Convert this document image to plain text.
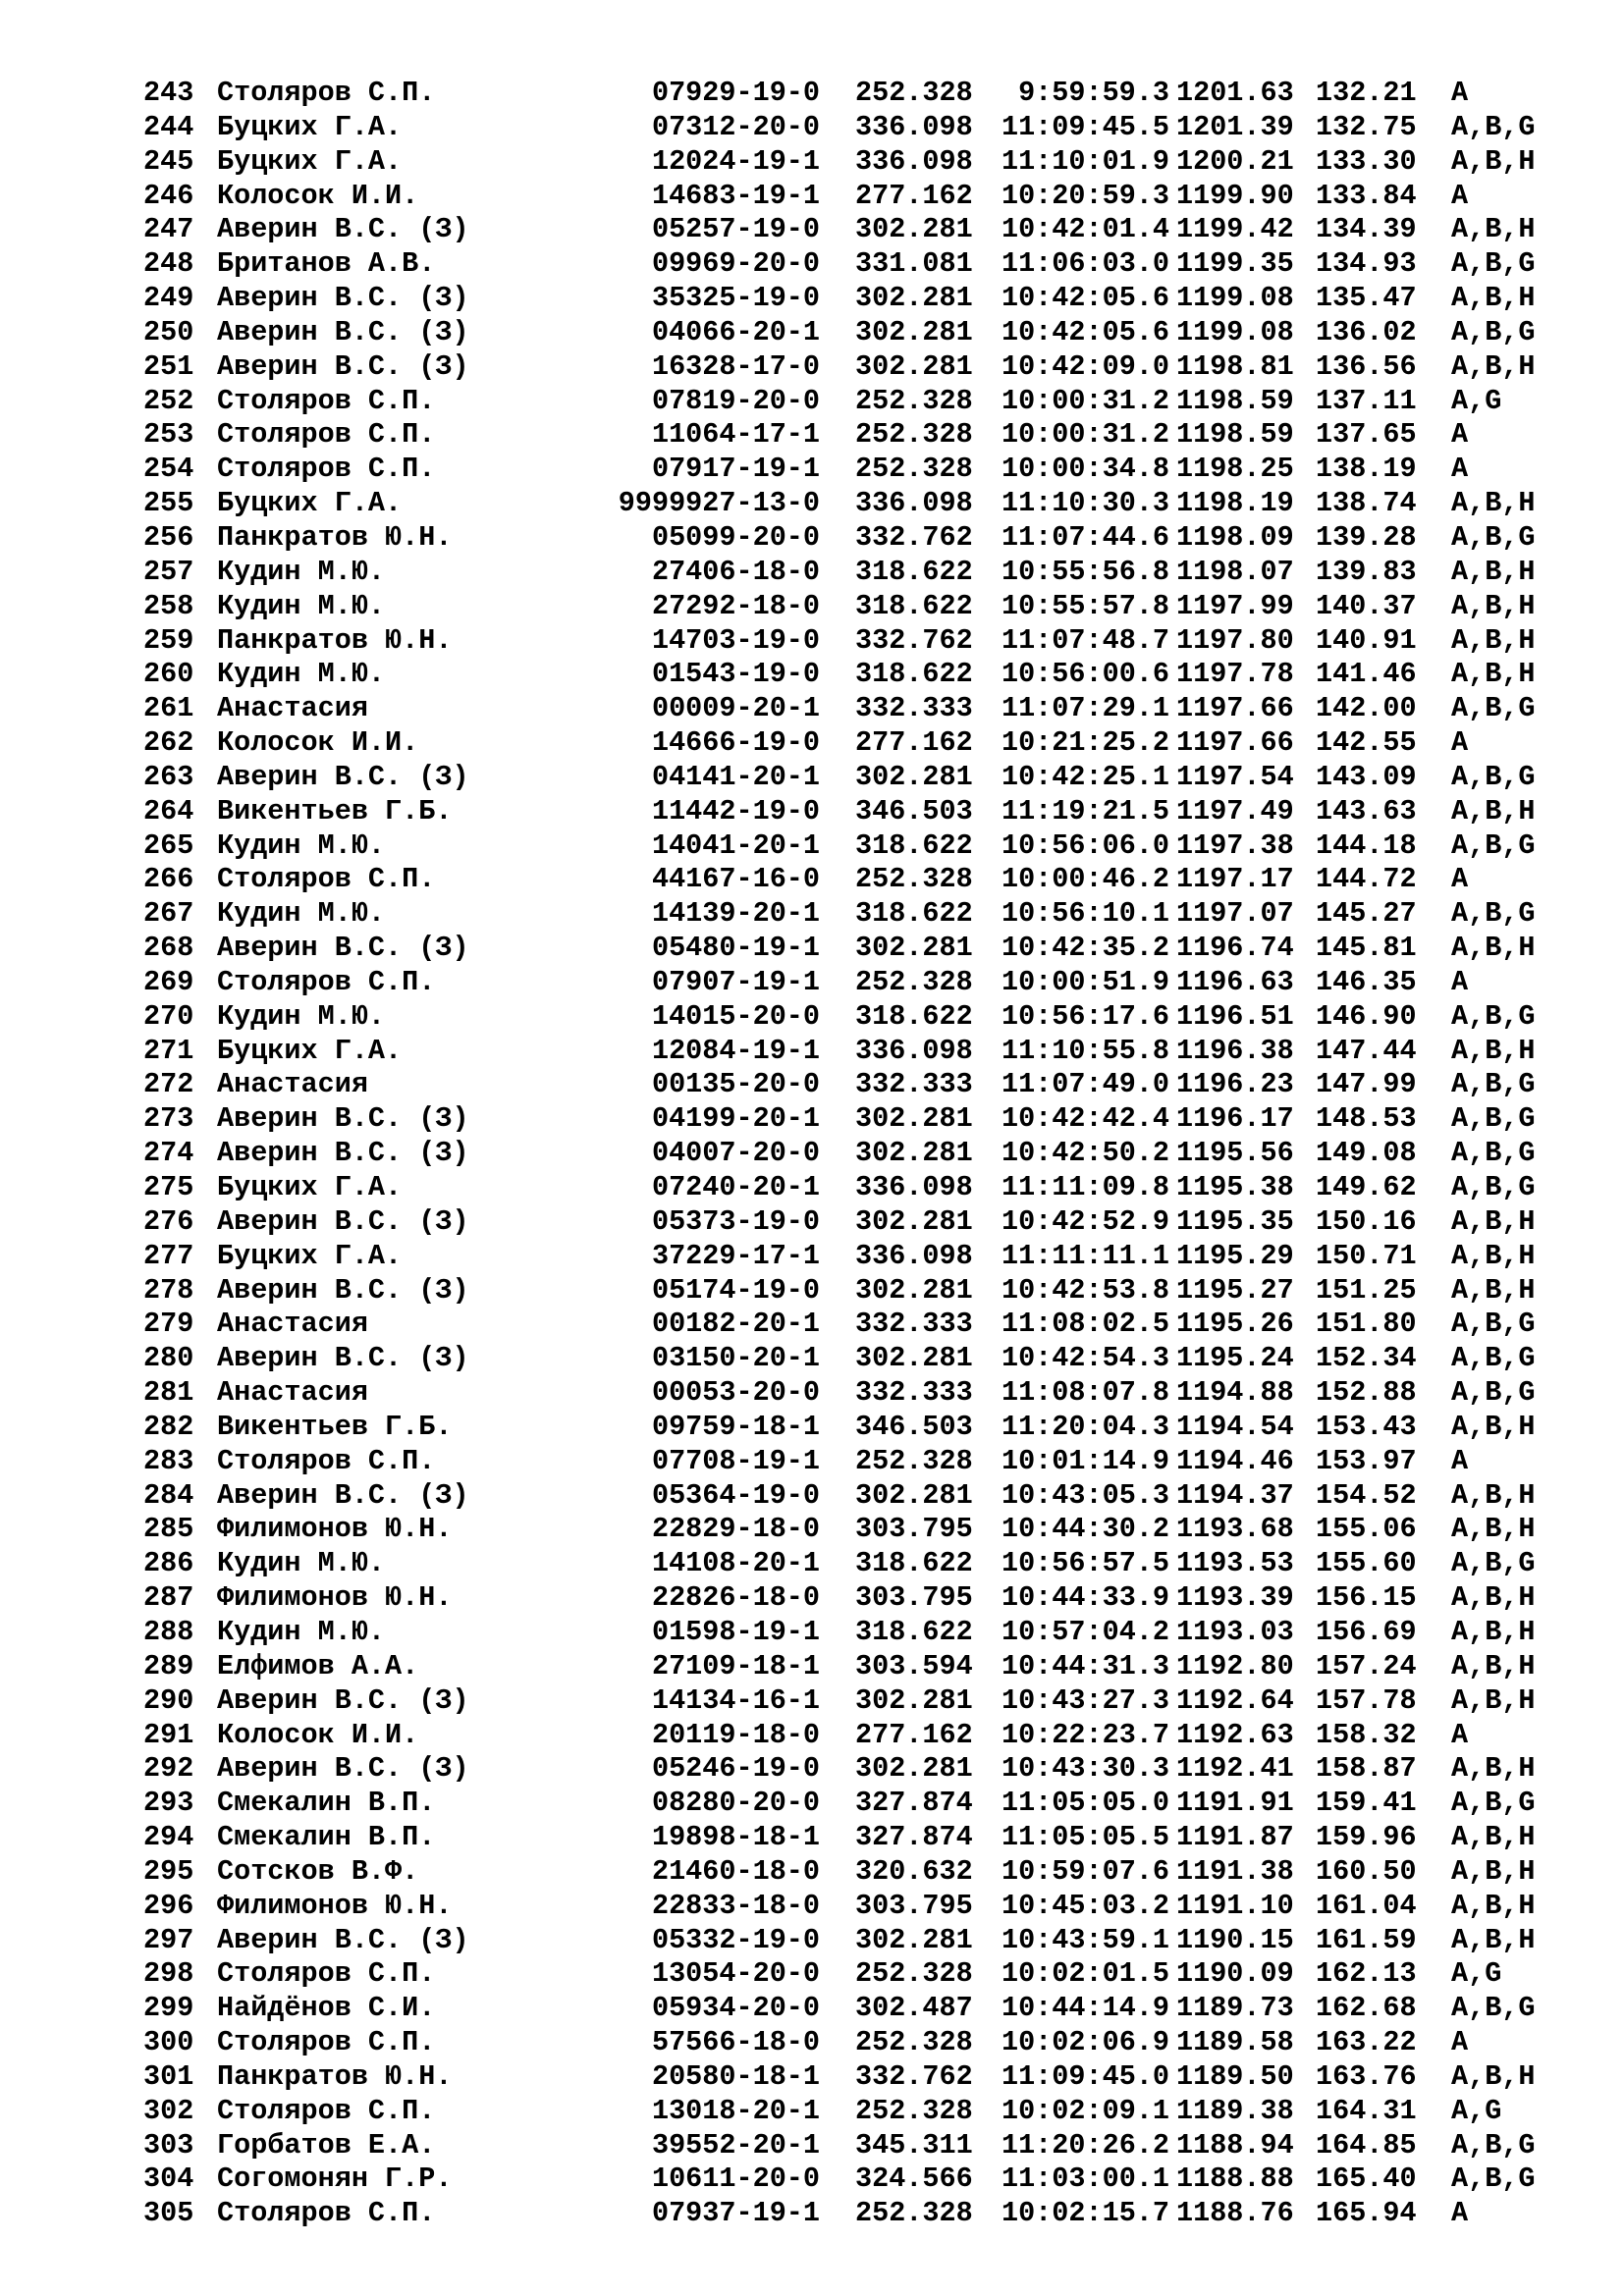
243 Столяров С.П.	07929-19-0 252.328	9:59:59.3 1201.63 132.21 A
244 Буцких Г.А.	07312-20-0 336.098	11:09:45.5 1201.39 132.75 A,B,G
245 Буцких Г.А.	12024-19-1 336.098	11:10:01.9 1200.21 133.30 A,B,H
246 Колосок И.И.	14683-19-1 277.162	10:20:59.3 1199.90 133.84 A
247 Аверин В.С. (З)	05257-19-0 302.281	10:42:01.4 1199.42 134.39 A,B,H
248 Британов А.В.	09969-20-0 331.081	11:06:03.0 1199.35 134.93 A,B,G
249 Аверин В.С. (З)	35325-19-0 302.281	10:42:05.6 1199.08 135.47 A,B,H
250 Аверин В.С. (З)	04066-20-1 302.281	10:42:05.6 1199.08 136.02 A,B,G
251 Аверин В.С. (З)	16328-17-0 302.281	10:42:09.0 1198.81 136.56 A,B,H
252 Столяров С.П.	07819-20-0 252.328	10:00:31.2 1198.59 137.11 A,G
253 Столяров С.П.	11064-17-1 252.328	10:00:31.2 1198.59 137.65 A
254 Столяров С.П.	07917-19-1 252.328	10:00:34.8 1198.25 138.19 A
255 Буцких Г.А.	9999927-13-0 336.098	11:10:30.3 1198.19 138.74 A,B,H
256 Панкратов Ю.Н.	05099-20-0 332.762	11:07:44.6 1198.09 139.28 A,B,G
257 Кудин М.Ю.	27406-18-0 318.622	10:55:56.8 1198.07 139.83 A,B,H
258 Кудин М.Ю.	27292-18-0 318.622	10:55:57.8 1197.99 140.37 A,B,H
259 Панкратов Ю.Н.	14703-19-0 332.762	11:07:48.7 1197.80 140.91 A,B,H
260 Кудин М.Ю.	01543-19-0 318.622	10:56:00.6 1197.78 141.46 A,B,H
261 Анастасия	00009-20-1 332.333	11:07:29.1 1197.66 142.00 A,B,G
262 Колосок И.И.	14666-19-0 277.162	10:21:25.2 1197.66 142.55 A
263 Аверин В.С. (З)	04141-20-1 302.281	10:42:25.1 1197.54 143.09 A,B,G
264 Викентьев Г.Б.	11442-19-0 346.503	11:19:21.5 1197.49 143.63 A,B,H
265 Кудин М.Ю.	14041-20-1 318.622	10:56:06.0 1197.38 144.18 A,B,G
266 Столяров С.П.	44167-16-0 252.328	10:00:46.2 1197.17 144.72 A
267 Кудин М.Ю.	14139-20-1 318.622	10:56:10.1 1197.07 145.27 A,B,G
268 Аверин В.С. (З)	05480-19-1 302.281	10:42:35.2 1196.74 145.81 A,B,H
269 Столяров С.П.	07907-19-1 252.328	10:00:51.9 1196.63 146.35 A
270 Кудин М.Ю.	14015-20-0 318.622	10:56:17.6 1196.51 146.90 A,B,G
271 Буцких Г.А.	12084-19-1 336.098	11:10:55.8 1196.38 147.44 A,B,H
272 Анастасия	00135-20-0 332.333	11:07:49.0 1196.23 147.99 A,B,G
273 Аверин В.С. (З)	04199-20-1 302.281	10:42:42.4 1196.17 148.53 A,B,G
274 Аверин В.С. (З)	04007-20-0 302.281	10:42:50.2 1195.56 149.08 A,B,G
275 Буцких Г.А.	07240-20-1 336.098	11:11:09.8 1195.38 149.62 A,B,G
276 Аверин В.С. (З)	05373-19-0 302.281	10:42:52.9 1195.35 150.16 A,B,H
277 Буцких Г.А.	37229-17-1 336.098	11:11:11.1 1195.29 150.71 A,B,H
278 Аверин В.С. (З)	05174-19-0 302.281	10:42:53.8 1195.27 151.25 A,B,H
279 Анастасия	00182-20-1 332.333	11:08:02.5 1195.26 151.80 A,B,G
280 Аверин В.С. (З)	03150-20-1 302.281	10:42:54.3 1195.24 152.34 A,B,G
281 Анастасия	00053-20-0 332.333	11:08:07.8 1194.88 152.88 A,B,G
282 Викентьев Г.Б.	09759-18-1 346.503	11:20:04.3 1194.54 153.43 A,B,H
283 Столяров С.П.	07708-19-1 252.328	10:01:14.9 1194.46 153.97 A
284 Аверин В.С. (З)	05364-19-0 302.281	10:43:05.3 1194.37 154.52 A,B,H
285 Филимонов Ю.Н.	22829-18-0 303.795	10:44:30.2 1193.68 155.06 A,B,H
286 Кудин М.Ю.	14108-20-1 318.622	10:56:57.5 1193.53 155.60 A,B,G
287 Филимонов Ю.Н.	22826-18-0 303.795	10:44:33.9 1193.39 156.15 A,B,H
288 Кудин М.Ю.	01598-19-1 318.622	10:57:04.2 1193.03 156.69 A,B,H
289 Елфимов А.А.	27109-18-1 303.594	10:44:31.3 1192.80 157.24 A,B,H
290 Аверин В.С. (З)	14134-16-1 302.281	10:43:27.3 1192.64 157.78 A,B,H
291 Колосок И.И.	20119-18-0 277.162	10:22:23.7 1192.63 158.32 A
292 Аверин В.С. (З)	05246-19-0 302.281	10:43:30.3 1192.41 158.87 A,B,H
293 Смекалин В.П.	08280-20-0 327.874	11:05:05.0 1191.91 159.41 A,B,G
294 Смекалин В.П.	19898-18-1 327.874	11:05:05.5 1191.87 159.96 A,B,H
295 Сотсков В.Ф.	21460-18-0 320.632	10:59:07.6 1191.38 160.50 A,B,H
296 Филимонов Ю.Н.	22833-18-0 303.795	10:45:03.2 1191.10 161.04 A,B,H
297 Аверин В.С. (З)	05332-19-0 302.281	10:43:59.1 1190.15 161.59 A,B,H
298 Столяров С.П.	13054-20-0 252.328	10:02:01.5 1190.09 162.13 A,G
299 Найдёнов С.И.	05934-20-0 302.487	10:44:14.9 1189.73 162.68 A,B,G
300 Столяров С.П.	57566-18-0 252.328	10:02:06.9 1189.58 163.22 A
301 Панкратов Ю.Н.	20580-18-1 332.762	11:09:45.0 1189.50 163.76 A,B,H
302 Столяров С.П.	13018-20-1 252.328	10:02:09.1 1189.38 164.31 A,G
303 Горбатов Е.А.	39552-20-1 345.311	11:20:26.2 1188.94 164.85 A,B,G
304 Согомонян Г.Р.	10611-20-0 324.566	11:03:00.1 1188.88 165.40 A,B,G
305 Столяров С.П.	07937-19-1 252.328	10:02:15.7 1188.76 165.94 A
